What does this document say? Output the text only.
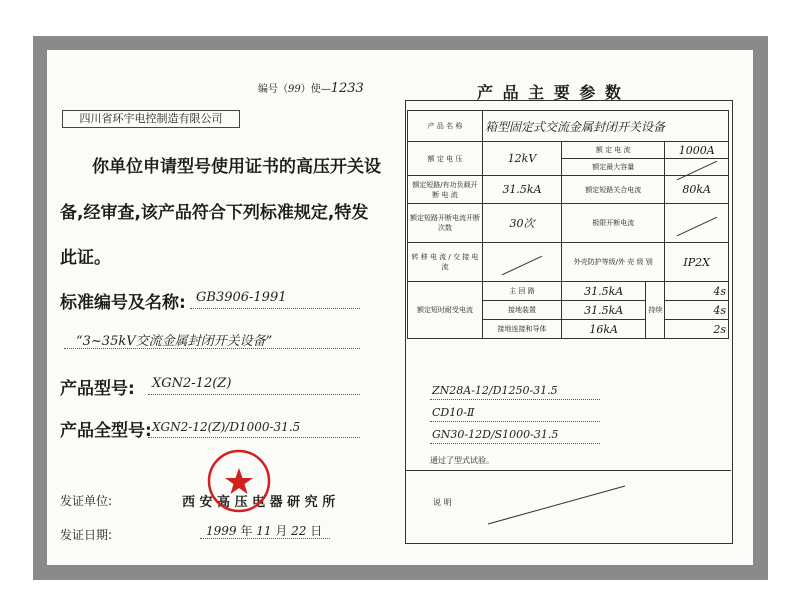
编号（99）使—1233
四川省环宇电控制造有限公司
你单位申请型号使用证书的高压开关设
备,经审查,该产品符合下列标准规定,特发
此证。
标准编号及名称: GB3906-1991
“3~35kV交流金属封闭开关设备”
产品型号: XGN2-12(Z)
产品全型号: XGN2-12(Z)/D1000-31.5
发证单位:	西 安 高 压 电 器 研 究 所
发证日期:	1999 年 11 月 22 日
产 品 主 要 参 数
产 品 名 称	箱型固定式交流金属封闭开关设备			
额 定 电 压	12kV	额 定 电 流		1000A
		额定最大容量		
额定短路/有功负载开 断 电 流	31.5kA	额定短路关合电流		80kA
额定短路开断电流开断次数	30次	极限开断电流		
转 移 电 流 / 交 接 电 流		外壳防护等级/外 壳 级 别		IP2X
额定短时耐受电流	主 回 路	31.5kA	持续	4s
	接地装置	31.5kA		4s
	接地连接和导体	16kA		2s
ZN28A-12/D1250-31.5
CD10-Ⅱ
GN30-12D/S1000-31.5
通过了型式试验。
说 明
